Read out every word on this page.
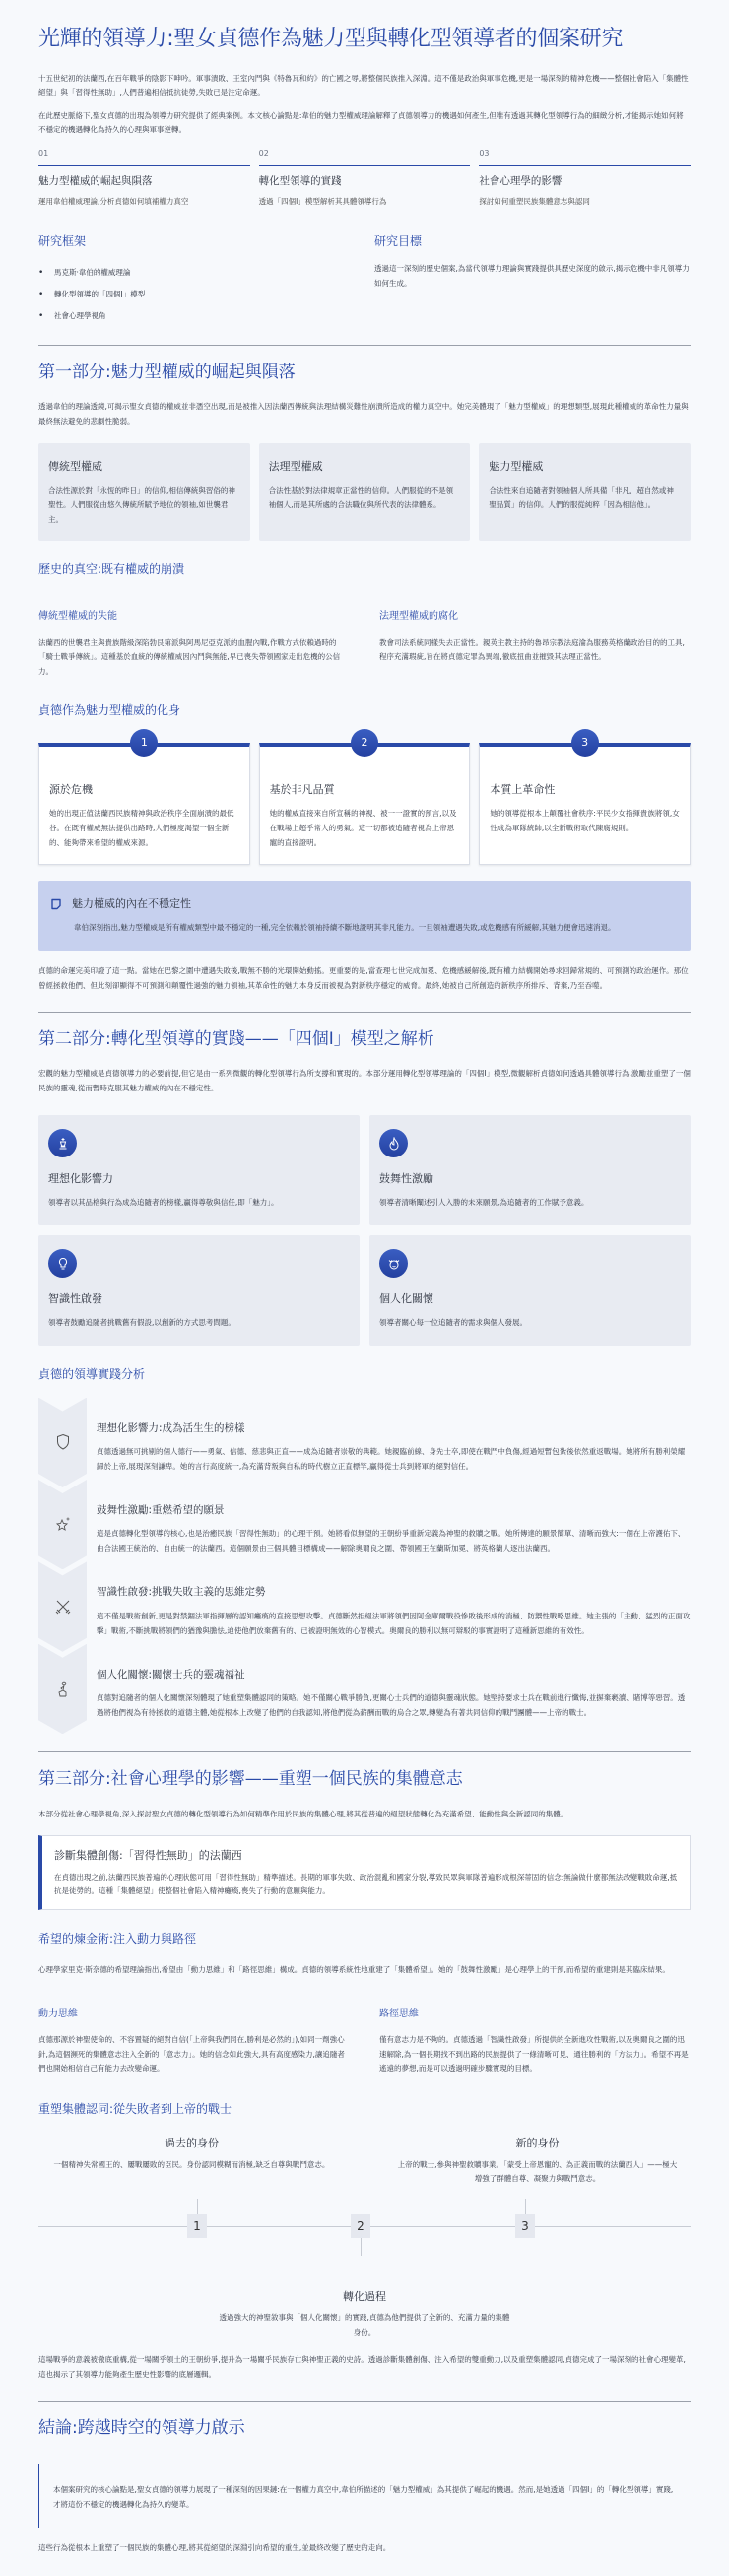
光輝的領導力:聖女貞德作為魅力型與轉化型領導者的個案研究

十五世紀初的法蘭西,在百年戰爭的陰影下呻吟。軍事潰敗、王室內鬥與《特魯瓦和約》的亡國之辱,將整個民族推入深淵。這不僅是政治與軍事危機,更是一場深刻的精神危機——整個社會陷入「集體性絕望」與「習得性無助」,人們普遍相信抵抗徒勞,失敗已是注定命運。

在此歷史脈絡下,聖女貞德的出現為領導力研究提供了經典案例。本文核心論點是:韋伯的魅力型權威理論解釋了貞德領導力的機遇如何產生,但唯有透過其轉化型領導行為的細緻分析,才能揭示她如何將不穩定的機遇轉化為持久的心理與軍事逆轉。

01
魅力型權威的崛起與隕落
運用韋伯權威理論,分析貞德如何填補權力真空
02
轉化型領導的實踐
透過「四個I」模型解析其具體領導行為
03
社會心理學的影響
探討如何重塑民族集體意志與認同
研究框架
• 馬克斯·韋伯的權威理論
• 轉化型領導的「四個I」模型
• 社會心理學視角
研究目標

透過這一深刻的歷史個案,為當代領導力理論與實踐提供具歷史深度的啟示,揭示危機中非凡領導力如何生成。

第一部分:魅力型權威的崛起與隕落

透過韋伯的理論透鏡,可揭示聖女貞德的權威並非憑空出現,而是被推入因法蘭西傳統與法理結構災難性崩潰所造成的權力真空中。她完美體現了「魅力型權威」的理想類型,展現此種權威的革命性力量與最終無法避免的悲劇性脆弱。

傳統型權威

合法性源於對「永恆的昨日」的信仰,相信傳統與習俗的神聖性。人們服從由悠久傳統所賦予地位的領袖,如世襲君主。

法理型權威

合法性基於對法律規章正當性的信仰。人們服從的不是領袖個人,而是其所處的合法職位與所代表的法律體系。

魅力型權威

合法性來自追隨者對領袖個人所具備「非凡、超自然或神聖品質」的信仰。人們的服從純粹「因為相信他」。

歷史的真空:既有權威的崩潰
傳統型權威的失能

法蘭西的世襲君主與貴族階級深陷勃艮第派與阿馬尼亞克派的血腥內戰,作戰方式依賴過時的「騎士戰爭傳統」。這種基於血統的傳統權威因內鬥與無能,早已喪失帶領國家走出危機的公信力。

法理型權威的腐化

教會司法系統同樣失去正當性。親英主教主持的魯昂宗教法庭淪為服務英格蘭政治目的的工具,程序充滿瑕疵,旨在將貞德定罪為異端,徹底扭曲並摧毀其法理正當性。

貞德作為魅力型權威的化身
1
源於危機

她的出現正值法蘭西民族精神與政治秩序全面崩潰的最低谷。在既有權威無法提供出路時,人們極度渴望一個全新的、能夠帶來希望的權威來源。

2
基於非凡品質

她的權威直接來自所宣稱的神視、被一一證實的預言,以及在戰場上超乎常人的勇氣。這一切都被追隨者視為上帝恩寵的直接證明。

3
本質上革命性

她的領導從根本上顛覆社會秩序:平民少女指揮貴族將領,女性成為軍隊統帥,以全新戰術取代陳腐規則。

魅力權威的內在不穩定性

韋伯深刻指出,魅力型權威是所有權威類型中最不穩定的一種,完全依賴於領袖持續不斷地證明其非凡能力。一旦領袖遭遇失敗,或危機感有所緩解,其魅力便會迅速消退。

貞德的命運完美印證了這一點。當她在巴黎之圍中遭遇失敗後,戰無不勝的光環開始動搖。更重要的是,當查理七世完成加冕、危機感緩解後,既有權力結構開始尋求回歸常規的、可預測的政治運作。那位曾經拯救他們、但此刻卻顯得不可預測和顛覆性過強的魅力領袖,其革命性的魅力本身反而被視為對新秩序穩定的威脅。最終,她被自己所創造的新秩序所排斥、背棄,乃至吞噬。

第二部分:轉化型領導的實踐——「四個I」模型之解析

宏觀的魅力型權威是貞德領導力的必要前提,但它是由一系列微觀的轉化型領導行為所支撐和實現的。本部分運用轉化型領導理論的「四個I」模型,微觀解析貞德如何透過具體領導行為,激勵並重塑了一個民族的靈魂,從而暫時克服其魅力權威的內在不穩定性。

理想化影響力

領導者以其品格與行為成為追隨者的榜樣,贏得尊敬與信任,即「魅力」。

鼓舞性激勵

領導者清晰闡述引人入勝的未來願景,為追隨者的工作賦予意義。

智識性啟發

領導者鼓勵追隨者挑戰舊有假設,以創新的方式思考問題。

個人化關懷

領導者關心每一位追隨者的需求與個人發展。

貞德的領導實踐分析
理想化影響力:成為活生生的榜樣

貞德透過無可挑剔的個人德行——勇氣、信德、慈悲與正直——成為追隨者崇敬的典範。她親臨前線、身先士卒,即使在戰鬥中負傷,經過短暫包紮後依然重返戰場。她將所有勝利榮耀歸於上帝,展現深刻謙卑。她的言行高度統一,為充滿背叛與自私的時代樹立正直標竿,贏得從士兵到將軍的絕對信任。

鼓舞性激勵:重燃希望的願景

這是貞德轉化型領導的核心,也是治癒民族「習得性無助」的心理干預。她將看似無望的王朝紛爭重新定義為神聖的救贖之戰。她所傳達的願景簡單、清晰而強大:一個在上帝護佑下、由合法國王統治的、自由統一的法蘭西。這個願景由三個具體目標構成——解除奧爾良之圍、帶領國王在蘭斯加冕、將英格蘭人逐出法蘭西。

智識性啟發:挑戰失敗主義的思維定勢

這不僅是戰術創新,更是對禁錮法軍指揮層的認知癱瘓的直接思想攻擊。貞德斷然拒絕法軍將領們因阿金庫爾戰役慘敗後形成的消極、防禦性戰略思維。她主張的「主動、猛烈的正面攻擊」戰術,不斷挑戰將領們的猶豫與膽怯,迫使他們放棄舊有的、已被證明無效的心智模式。奧爾良的勝利以無可辯駁的事實證明了這種新思維的有效性。

個人化關懷:關懷士兵的靈魂福祉

貞德對追隨者的個人化關懷深刻體現了她重塑集體認同的策略。她不僅關心戰爭勝負,更關心士兵們的道德與靈魂狀態。她堅持要求士兵在戰前進行懺悔,並摒棄褻瀆、賭博等惡習。透過將他們視為有待拯救的道德主體,她從根本上改變了他們的自我認知,將他們從為薪酬而戰的烏合之眾,轉變為有著共同信仰的戰鬥團體——上帝的戰士。

第三部分:社會心理學的影響——重塑一個民族的集體意志

本部分從社會心理學視角,深入探討聖女貞德的轉化型領導行為如何精準作用於民族的集體心理,將其從普遍的絕望狀態轉化為充滿希望、能動性與全新認同的集體。

診斷集體創傷:「習得性無助」的法蘭西

在貞德出現之前,法蘭西民族普遍的心理狀態可用「習得性無助」精準描述。長期的軍事失敗、政治混亂和國家分裂,導致民眾與軍隊普遍形成根深蒂固的信念:無論做什麼都無法改變戰敗命運,抵抗是徒勞的。這種「集體絕望」使整個社會陷入精神癱瘓,喪失了行動的意願與能力。

希望的煉金術:注入動力與路徑

心理學家里克·斯奈德的希望理論指出,希望由「動力思維」和「路徑思維」構成。貞德的領導系統性地重建了「集體希望」。她的「鼓舞性激勵」是心理學上的干預,而希望的重建則是其臨床結果。

動力思維

貞德那源於神聖使命的、不容置疑的絕對自信(「上帝與我們同在,勝利是必然的」),如同一劑強心針,為這個瀕死的集體意志注入全新的「意志力」。她的信念如此強大,具有高度感染力,讓追隨者們也開始相信自己有能力去改變命運。

路徑思維

僅有意志力是不夠的。貞德透過「智識性啟發」所提供的全新進攻性戰術,以及奧爾良之圍的迅速解除,為一個長期找不到出路的民族提供了一條清晰可見、通往勝利的「方法力」。希望不再是遙遠的夢想,而是可以透過明確步驟實現的目標。

重塑集體認同:從失敗者到上帝的戰士
過去的身份

一個精神失常國王的、屢戰屢敗的臣民。身份認同模糊而消極,缺乏自尊與戰鬥意志。

新的身份

上帝的戰士,參與神聖救贖事業。「蒙受上帝恩寵的、為正義而戰的法蘭西人」——極大增強了群體自尊、凝聚力與戰鬥意志。

1	2	3
轉化過程

透過強大的神聖敘事與「個人化關懷」的實踐,貞德為他們提供了全新的、充滿力量的集體身份。

這場戰爭的意義被徹底重構,從一場關乎領土的王朝紛爭,提升為一場關乎民族存亡與神聖正義的史詩。透過診斷集體創傷、注入希望的雙重動力,以及重塑集體認同,貞德完成了一場深刻的社會心理變革,這也揭示了其領導力能夠產生歷史性影響的底層邏輯。

結論:跨越時空的領導力啟示

本個案研究的核心論點是,聖女貞德的領導力展現了一種深刻的因果鏈:在一個權力真空中,韋伯所描述的「魅力型權威」為其提供了崛起的機遇。然而,是她透過「四個I」的「轉化型領導」實踐,才將這份不穩定的機遇轉化為持久的變革。

這些行為從根本上重塑了一個民族的集體心理,將其從絕望的深淵引向希望的重生,並最終改變了歷史的走向。
